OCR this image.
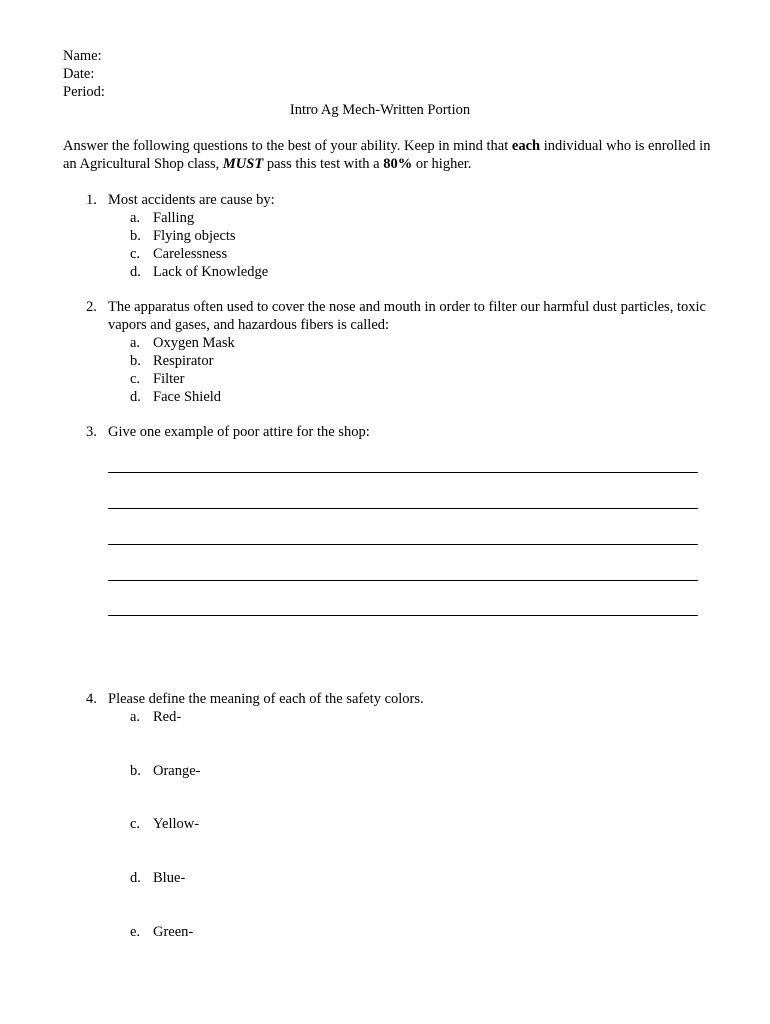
Name:
Date:
Period:
Intro Ag Mech-Written Portion
Answer the following questions to the best of your ability. Keep in mind that each individual who is enrolled in an Agricultural Shop class, MUST pass this test with a 80% or higher.
1. Most accidents are cause by:
a. Falling
b. Flying objects
c. Carelessness
d. Lack of Knowledge
2. The apparatus often used to cover the nose and mouth in order to filter our harmful dust particles, toxic vapors and gases, and hazardous fibers is called:
a. Oxygen Mask
b. Respirator
c. Filter
d. Face Shield
3. Give one example of poor attire for the shop:
4. Please define the meaning of each of the safety colors.
a. Red-
b. Orange-
c. Yellow-
d. Blue-
e. Green-
